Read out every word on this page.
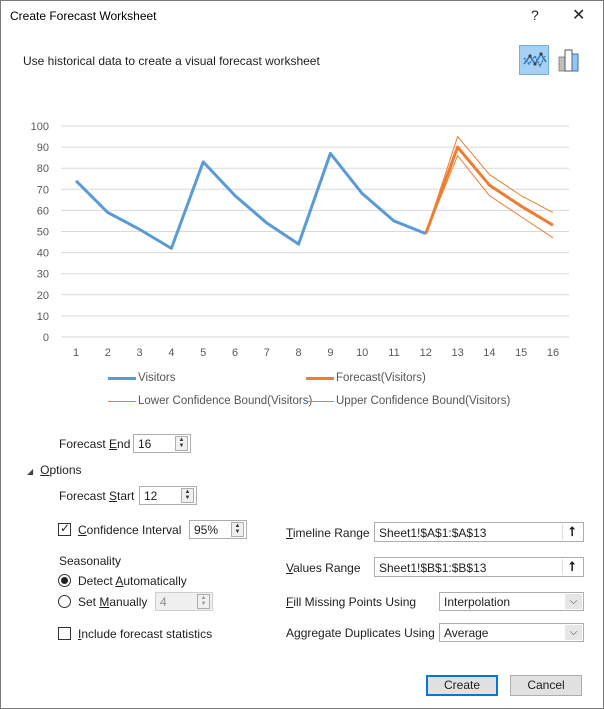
Create Forecast Worksheet	? ✕
Use historical data to create a visual forecast worksheet
0
10
20
30
40
50
60
70
80
90
100
1 2 3 4 5 6 7 8 9 10 11 12 13 14 15 16
Visitors	Forecast(Visitors)
Lower Confidence Bound(Visitors) Upper Confidence Bound(Visitors)
Forecast End 16	▲
▼
◢ Options
Forecast Start 12	▲
▼
✓ Confidence Interval 95%	▲
▼
Seasonality
Detect Automatically
Set Manually 4	▲
▼
Include forecast statistics
Timeline Range Sheet1!$A$1:$A$13	⭡
Values Range Sheet1!$B$1:$B$13	⭡
Fill Missing Points Using Interpolation	⌵
Aggregate Duplicates Using Average	⌵
Create	Cancel
